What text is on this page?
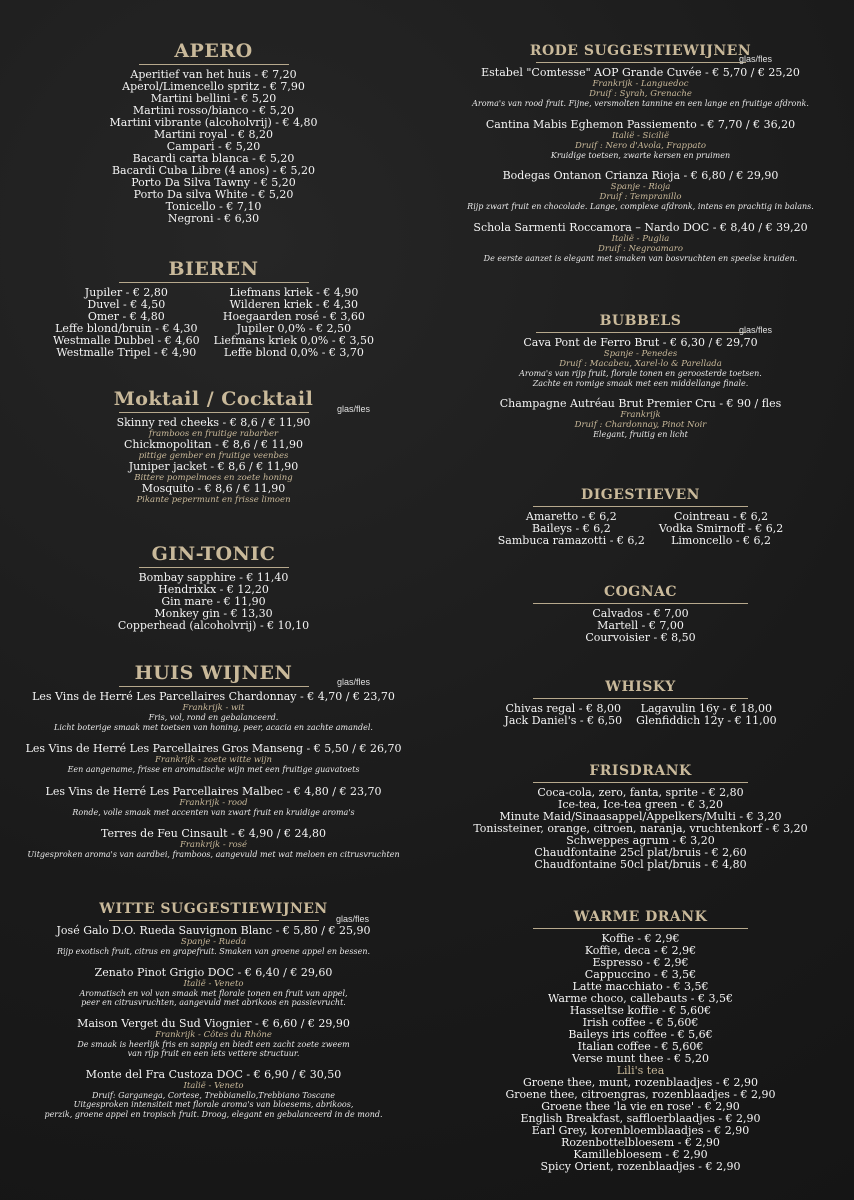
APERO
Aperitief van het huis - € 7,20
Aperol/Limencello spritz - € 7,90
Martini bellini - € 5,20
Martini rosso/bianco - € 5,20
Martini vibrante (alcoholvrij) - € 4,80
Martini royal - € 8,20
Campari - € 5,20
Bacardi carta blanca - € 5,20
Bacardi Cuba Libre (4 anos) - € 5,20
Porto Da Silva Tawny - € 5,20
Porto Da silva White - € 5,20
Tonicello - € 7,10
Negroni - € 6,30
BIEREN
Jupiler - € 2,80
Duvel - € 4,50
Omer - € 4,80
Leffe blond/bruin - € 4,30
Westmalle Dubbel - € 4,60
Westmalle Tripel - € 4,90
Liefmans kriek - € 4,90
Wilderen kriek - € 4,30
Hoegaarden rosé - € 3,60
Jupiler 0,0% - € 2,50
Liefmans kriek 0,0% - € 3,50
Leffe blond 0,0% - € 3,70
Moktail / Cocktail
Skinny red cheeks - € 8,6 / € 11,90
framboos en fruitige rabarber
Chickmopolitan - € 8,6 / € 11,90
pittige gember en fruitige veenbes
Juniper jacket - € 8,6 / € 11,90
Bittere pompelmoes en zoete honing
Mosquito - € 8,6 / € 11,90
Pikante pepermunt en frisse limoen
glas/fles
GIN-TONIC
Bombay sapphire - € 11,40
Hendrixkx - € 12,20
Gin mare - € 11,90
Monkey gin - € 13,30
Copperhead (alcoholvrij) - € 10,10
HUIS WIJNEN
Les Vins de Herré Les Parcellaires Chardonnay - € 4,70 / € 23,70
Frankrijk - wit
Fris, vol, rond en gebalanceerd.
Licht boterige smaak met toetsen van honing, peer, acacia en zachte amandel.
Les Vins de Herré Les Parcellaires Gros Manseng - € 5,50 / € 26,70
Frankrijk - zoete witte wijn
Een aangename, frisse en aromatische wijn met een fruitige guavatoets
Les Vins de Herré Les Parcellaires Malbec - € 4,80 / € 23,70
Frankrijk - rood
Ronde, volle smaak met accenten van zwart fruit en kruidige aroma's
Terres de Feu Cinsault - € 4,90 / € 24,80
Frankrijk - rosé
Uitgesproken aroma's van aardbei, framboos, aangevuld met wat meloen en citrusvruchten
glas/fles
WITTE SUGGESTIEWIJNEN
José Galo D.O. Rueda Sauvignon Blanc - € 5,80 / € 25,90
Spanje - Rueda
Rijp exotisch fruit, citrus en grapefruit. Smaken van groene appel en bessen.
Zenato Pinot Grigio DOC - € 6,40 / € 29,60
Italië - Veneto
Aromatisch en vol van smaak met florale tonen en fruit van appel,
peer en citrusvruchten, aangevuld met abrikoos en passievrucht.
Maison Verget du Sud Viognier - € 6,60 / € 29,90
Frankrijk - Côtes du Rhône
De smaak is heerlijk fris en sappig en biedt een zacht zoete zweem
van rijp fruit en een iets vettere structuur.
Monte del Fra Custoza DOC - € 6,90 / € 30,50
Italië - Veneto
Druif: Garganega, Cortese, Trebbianello,Trebbiano Toscane
Uitgesproken intensiteit met florale aroma's van bloesems, abrikoos,
perzik, groene appel en tropisch fruit. Droog, elegant en gebalanceerd in de mond.
glas/fles
RODE SUGGESTIEWIJNEN
Estabel "Comtesse" AOP Grande Cuvée - € 5,70 / € 25,20
Frankrijk - Languedoc
Druif : Syrah, Grenache
Aroma's van rood fruit. Fijne, versmolten tannine en een lange en fruitige afdronk.
Cantina Mabis Eghemon Passiemento - € 7,70 / € 36,20
Italië - Sicilië
Druif : Nero d'Avola, Frappato
Kruidige toetsen, zwarte kersen en pruimen
Bodegas Ontanon Crianza Rioja - € 6,80 / € 29,90
Spanje - Rioja
Druif : Tempranillo
Rijp zwart fruit en chocolade. Lange, complexe afdronk, intens en prachtig in balans.
Schola Sarmenti Roccamora – Nardo DOC - € 8,40 / € 39,20
Italië - Puglia
Druif : Negroamaro
De eerste aanzet is elegant met smaken van bosvruchten en speelse kruiden.
glas/fles
BUBBELS
Cava Pont de Ferro Brut - € 6,30 / € 29,70
Spanje - Penedes
Druif : Macabeu, Xarel-lo & Parellada
Aroma's van rijp fruit, florale tonen en geroosterde toetsen.
Zachte en romige smaak met een middellange finale.
Champagne Autréau Brut Premier Cru - € 90 / fles
Frankrijk
Druif : Chardonnay, Pinot Noir
Elegant, fruitig en licht
glas/fles
DIGESTIEVEN
Amaretto - € 6,2
Baileys - € 6,2
Sambuca ramazotti - € 6,2
Cointreau - € 6,2
Vodka Smirnoff - € 6,2
Limoncello - € 6,2
COGNAC
Calvados - € 7,00
Martell - € 7,00
Courvoisier - € 8,50
WHISKY
Chivas regal - € 8,00
Jack Daniel's - € 6,50
Lagavulin 16y - € 18,00
Glenfiddich 12y - € 11,00
FRISDRANK
Coca-cola, zero, fanta, sprite - € 2,80
Ice-tea, Ice-tea green - € 3,20
Minute Maid/Sinaasappel/Appelkers/Multi - € 3,20
Tonissteiner, orange, citroen, naranja, vruchtenkorf - € 3,20
Schweppes agrum - € 3,20
Chaudfontaine 25cl plat/bruis - € 2,60
Chaudfontaine 50cl plat/bruis - € 4,80
WARME DRANK
Koffie - € 2,9€
Koffie, deca - € 2,9€
Espresso - € 2,9€
Cappuccino - € 3,5€
Latte macchiato - € 3,5€
Warme choco, callebauts - € 3,5€
Hasseltse koffie - € 5,60€
Irish coffee - € 5,60€
Baileys iris coffee - € 5,6€
Italian coffee - € 5,60€
Verse munt thee - € 5,20
Lili's tea
Groene thee, munt, rozenblaadjes - € 2,90
Groene thee, citroengras, rozenblaadjes - € 2,90
Groene thee 'la vie en rose' - € 2,90
English Breakfast, saffloerblaadjes - € 2,90
Earl Grey, korenbloemblaadjes - € 2,90
Rozenbottelbloesem - € 2,90
Kamillebloesem - € 2,90
Spicy Orient, rozenblaadjes - € 2,90
